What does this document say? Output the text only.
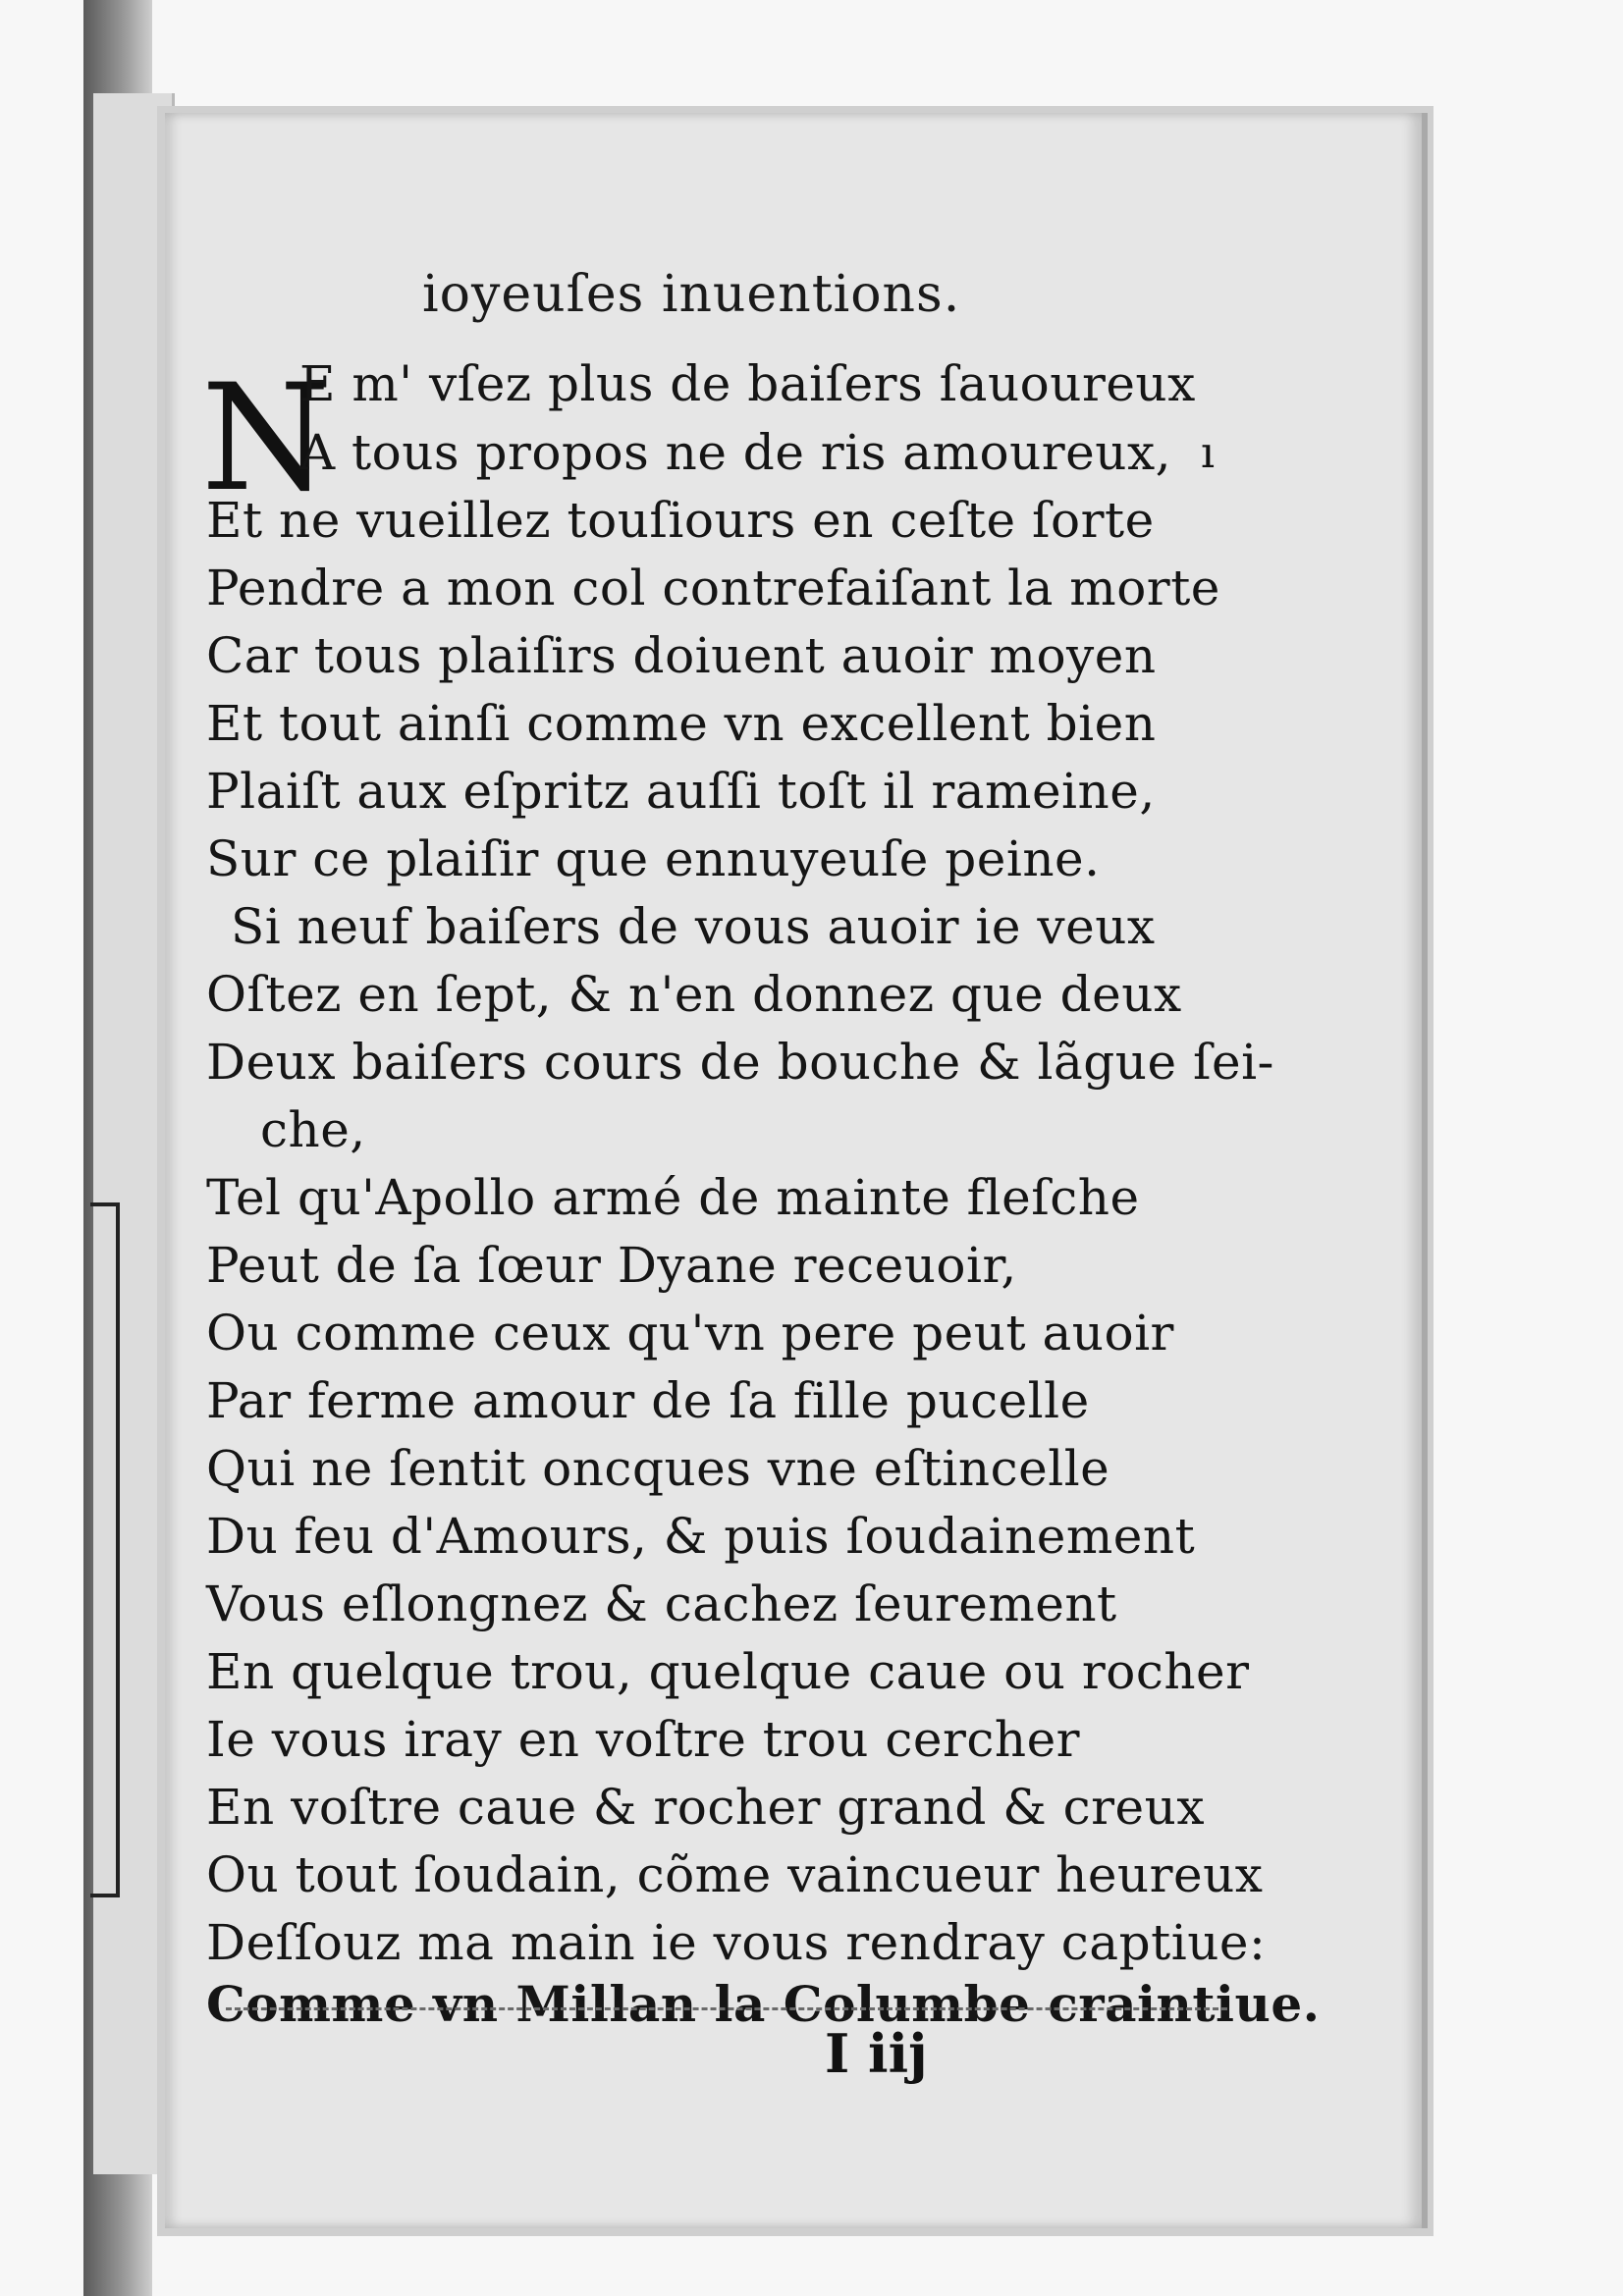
ioyeuſes inuentions.
N	ı
E m' vſez plus de baiſers ſauoureux
A tous propos ne de ris amoureux,
Et ne vueillez touſiours en ceſte ſorte
Pendre a mon col contrefaiſant la morte
Car tous plaiſirs doiuent auoir moyen
Et tout ainſi comme vn excellent bien
Plaiſt aux eſpritz auſſi toſt il rameine,
Sur ce plaiſir que ennuyeuſe peine.
Si neuf baiſers de vous auoir ie veux
Oſtez en ſept, & n'en donnez que deux
Deux baiſers cours de bouche & lãgue ſei-
che,
Tel qu'Apollo armé de mainte fleſche
Peut de ſa ſœur Dyane receuoir,
Ou comme ceux qu'vn pere peut auoir
Par ferme amour de ſa fille pucelle
Qui ne ſentit oncques vne eſtincelle
Du feu d'Amours, & puis ſoudainement
Vous eſlongnez & cachez ſeurement
En quelque trou, quelque caue ou rocher
Ie vous iray en voſtre trou cercher
En voſtre caue & rocher grand & creux
Ou tout ſoudain, cõme vaincueur heureux
Deſſouz ma main ie vous rendray captiue:
Comme vn Millan la Columbe craintiue.
I iij
